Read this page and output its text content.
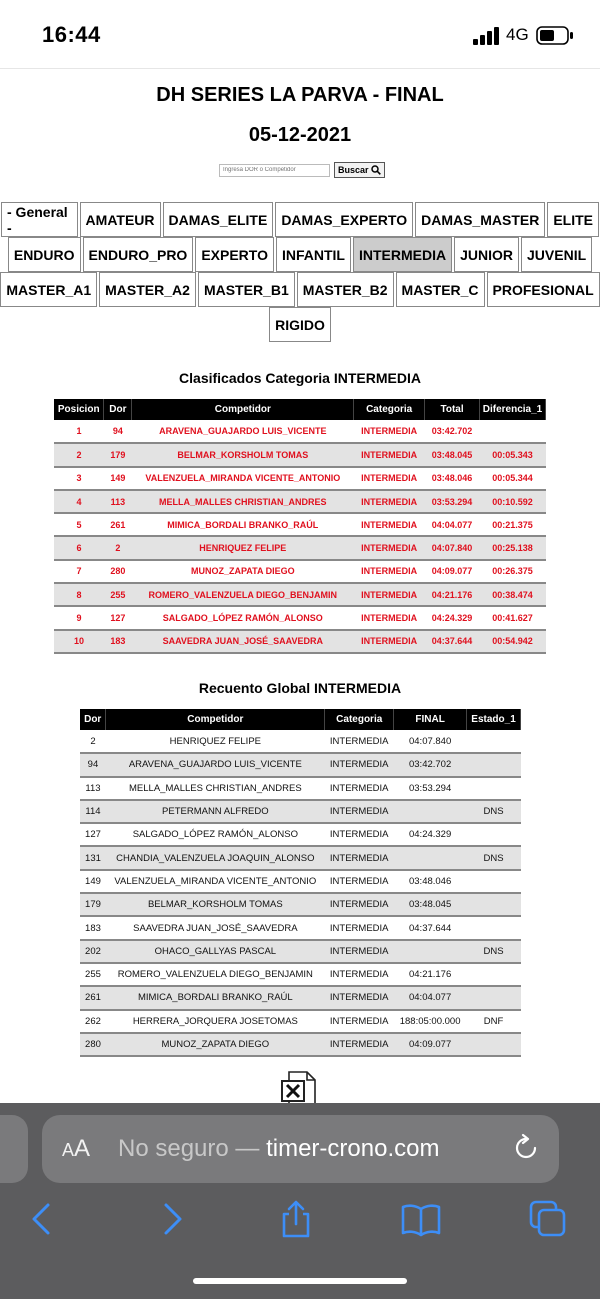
16:44	4G
DH SERIES LA PARVA - FINAL
05-12-2021
Ingresa DOR o Competidor
Buscar
- General -	AMATEUR	DAMAS_ELITE	DAMAS_EXPERTO	DAMAS_MASTER	ELITE
ENDURO	ENDURO_PRO	EXPERTO	INFANTIL	INTERMEDIA	JUNIOR	JUVENIL
MASTER_A1	MASTER_A2	MASTER_B1	MASTER_B2	MASTER_C	PROFESIONAL
RIGIDO
Clasificados Categoria INTERMEDIA
Posicion	Dor	Competidor	Categoria	Total	Diferencia_1
1	94	ARAVENA_GUAJARDO LUIS_VICENTE	INTERMEDIA	03:42.702	
2	179	BELMAR_KORSHOLM TOMAS	INTERMEDIA	03:48.045	00:05.343
3	149	VALENZUELA_MIRANDA VICENTE_ANTONIO	INTERMEDIA	03:48.046	00:05.344
4	113	MELLA_MALLES CHRISTIAN_ANDRES	INTERMEDIA	03:53.294	00:10.592
5	261	MIMICA_BORDALI BRANKO_RAÚL	INTERMEDIA	04:04.077	00:21.375
6	2	HENRIQUEZ FELIPE	INTERMEDIA	04:07.840	00:25.138
7	280	MUNOZ_ZAPATA DIEGO	INTERMEDIA	04:09.077	00:26.375
8	255	ROMERO_VALENZUELA DIEGO_BENJAMIN	INTERMEDIA	04:21.176	00:38.474
9	127	SALGADO_LÓPEZ RAMÓN_ALONSO	INTERMEDIA	04:24.329	00:41.627
10	183	SAAVEDRA JUAN_JOSÉ_SAAVEDRA	INTERMEDIA	04:37.644	00:54.942
Recuento Global INTERMEDIA
Dor	Competidor	Categoria	FINAL	Estado_1
2	HENRIQUEZ FELIPE	INTERMEDIA	04:07.840	
94	ARAVENA_GUAJARDO LUIS_VICENTE	INTERMEDIA	03:42.702	
113	MELLA_MALLES CHRISTIAN_ANDRES	INTERMEDIA	03:53.294	
114	PETERMANN ALFREDO	INTERMEDIA		DNS
127	SALGADO_LÓPEZ RAMÓN_ALONSO	INTERMEDIA	04:24.329	
131	CHANDIA_VALENZUELA JOAQUIN_ALONSO	INTERMEDIA		DNS
149	VALENZUELA_MIRANDA VICENTE_ANTONIO	INTERMEDIA	03:48.046	
179	BELMAR_KORSHOLM TOMAS	INTERMEDIA	03:48.045	
183	SAAVEDRA JUAN_JOSÉ_SAAVEDRA	INTERMEDIA	04:37.644	
202	OHACO_GALLYAS PASCAL	INTERMEDIA		DNS
255	ROMERO_VALENZUELA DIEGO_BENJAMIN	INTERMEDIA	04:21.176	
261	MIMICA_BORDALI BRANKO_RAÚL	INTERMEDIA	04:04.077	
262	HERRERA_JORQUERA JOSETOMAS	INTERMEDIA	188:05:00.000	DNF
280	MUNOZ_ZAPATA DIEGO	INTERMEDIA	04:09.077	
AA No seguro — timer-crono.com
